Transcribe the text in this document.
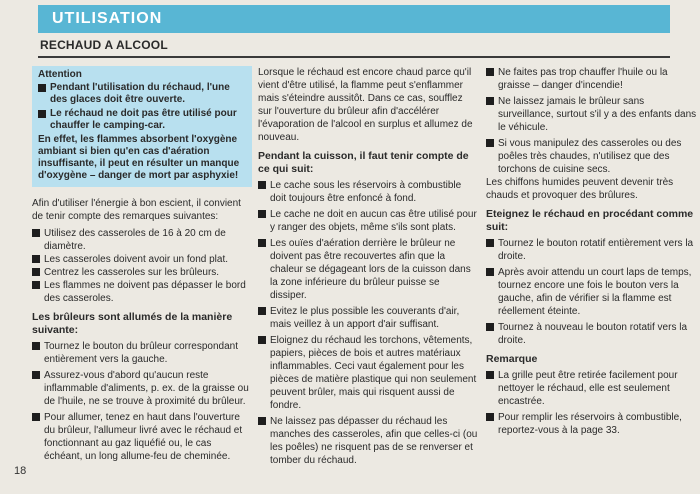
UTILISATION
RECHAUD A ALCOOL
Attention
Pendant l'utilisation du réchaud, l'une des glaces doit être ouverte.
Le réchaud ne doit pas être utilisé pour chauffer le camping-car.
En effet, les flammes absorbent l'oxygène ambiant si bien qu'en cas d'aération insuffisante, il peut en résulter un manque d'oxygène – danger de mort par asphyxie!

Afin d'utiliser l'énergie à bon escient, il convient de tenir compte des remarques suivantes:

Utilisez des casseroles de 16 à 20 cm de diamètre.
Les casseroles doivent avoir un fond plat.
Centrez les casseroles sur les brûleurs.
Les flammes ne doivent pas dépasser le bord des casseroles.
Les brûleurs sont allumés de la manière suivante:
Tournez le bouton du brûleur correspondant entièrement vers la gauche.
Assurez-vous d'abord qu'aucun reste inflammable d'aliments, p. ex. de la graisse ou de l'huile, ne se trouve à proximité du brûleur.
Pour allumer, tenez en haut dans l'ouverture du brûleur, l'allumeur livré avec le réchaud et fonctionnant au gaz liquéfié ou, le cas échéant, un long allume-feu de cheminée.

Lorsque le réchaud est encore chaud parce qu'il vient d'être utilisé, la flamme peut s'enflammer mais s'éteindre aussitôt. Dans ce cas, soufflez sur l'ouverture du brûleur afin d'accélérer l'évaporation de l'alcool en surplus et allumez de nouveau.

Pendant la cuisson, il faut tenir compte de ce qui suit:
Le cache sous les réservoirs à combustible doit toujours être enfoncé à fond.
Le cache ne doit en aucun cas être utilisé pour y ranger des objets, même s'ils sont plats.
Les ouïes d'aération derrière le brûleur ne doivent pas être recouvertes afin que la chaleur se dégageant lors de la cuisson dans la zone inférieure du brûleur puisse se dissiper.
Evitez le plus possible les couverants d'air, mais veillez à un apport d'air suffisant.
Eloignez du réchaud les torchons, vêtements, papiers, pièces de bois et autres matériaux inflammables. Ceci vaut également pour les pièces de matière plastique qui non seulement peuvent brûler, mais qui risquent aussi de fondre.
Ne laissez pas dépasser du réchaud les manches des casseroles, afin que celles-ci (ou les poêles) ne risquent pas de se renverser et tomber du réchaud.
Ne faites pas trop chauffer l'huile ou la graisse – danger d'incendie!
Ne laissez jamais le brûleur sans surveillance, surtout s'il y a des enfants dans le véhicule.
Si vous manipulez des casseroles ou des poêles très chaudes, n'utilisez que des torchons de cuisine secs.

Les chiffons humides peuvent devenir très chauds et provoquer des brûlures.

Eteignez le réchaud en procédant comme suit:
Tournez le bouton rotatif entièrement vers la droite.
Après avoir attendu un court laps de temps, tournez encore une fois le bouton vers la gauche, afin de vérifier si la flamme est réellement éteinte.
Tournez à nouveau le bouton rotatif vers la droite.
Remarque
La grille peut être retirée facilement pour nettoyer le réchaud, elle est seulement encastrée.
Pour remplir les réservoirs à combustible, reportez-vous à la page 33.
18
